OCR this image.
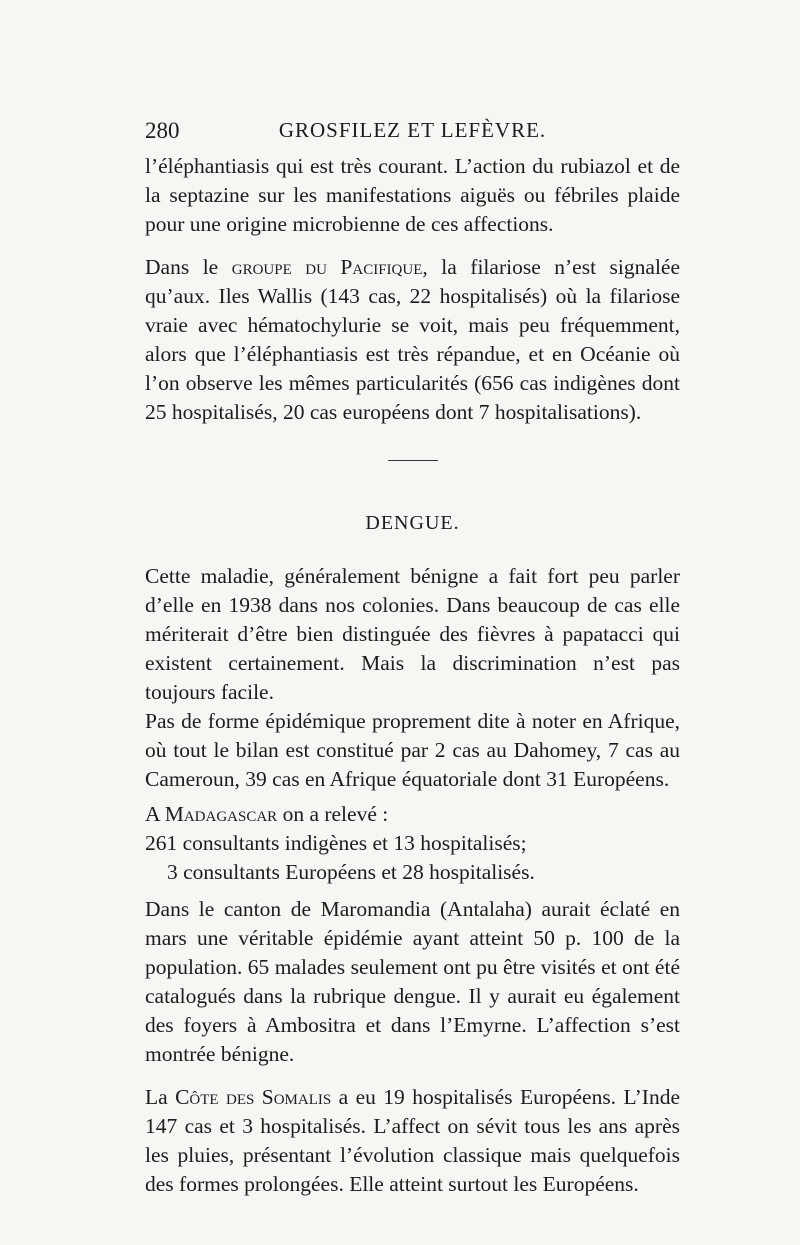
280	GROSFILEZ ET LEFÈVRE.

l’éléphantiasis qui est très courant. L’action du rubiazol et de la septazine sur les manifestations aiguës ou fébriles plaide pour une origine microbienne de ces affections.

Dans le groupe du Pacifique, la filariose n’est signalée qu’aux. Iles Wallis (143 cas, 22 hospitalisés) où la filariose vraie avec hématochylurie se voit, mais peu fréquemment, alors que l’éléphantiasis est très répandue, et en Océanie où l’on observe les mêmes particularités (656 cas indigènes dont 25 hospitalisés, 20 cas européens dont 7 hospitalisations).

DENGUE.

Cette maladie, généralement bénigne a fait fort peu parler d’elle en 1938 dans nos colonies. Dans beaucoup de cas elle mériterait d’être bien distinguée des fièvres à papatacci qui existent certainement. Mais la discrimination n’est pas toujours facile.

Pas de forme épidémique proprement dite à noter en Afrique, où tout le bilan est constitué par 2 cas au Dahomey, 7 cas au Cameroun, 39 cas en Afrique équatoriale dont 31 Européens.

A Madagascar on a relevé :

261 consultants indigènes et 13 hospitalisés;
3 consultants Européens et 28 hospitalisés.

Dans le canton de Maromandia (Antalaha) aurait éclaté en mars une véritable épidémie ayant atteint 50 p. 100 de la population. 65 malades seulement ont pu être visités et ont été catalogués dans la rubrique dengue. Il y aurait eu également des foyers à Ambositra et dans l’Emyrne. L’affection s’est montrée bénigne.

La Côte des Somalis a eu 19 hospitalisés Européens. L’Inde 147 cas et 3 hospitalisés. L’affect on sévit tous les ans après les pluies, présentant l’évolution classique mais quelquefois des formes prolongées. Elle atteint surtout les Européens.
